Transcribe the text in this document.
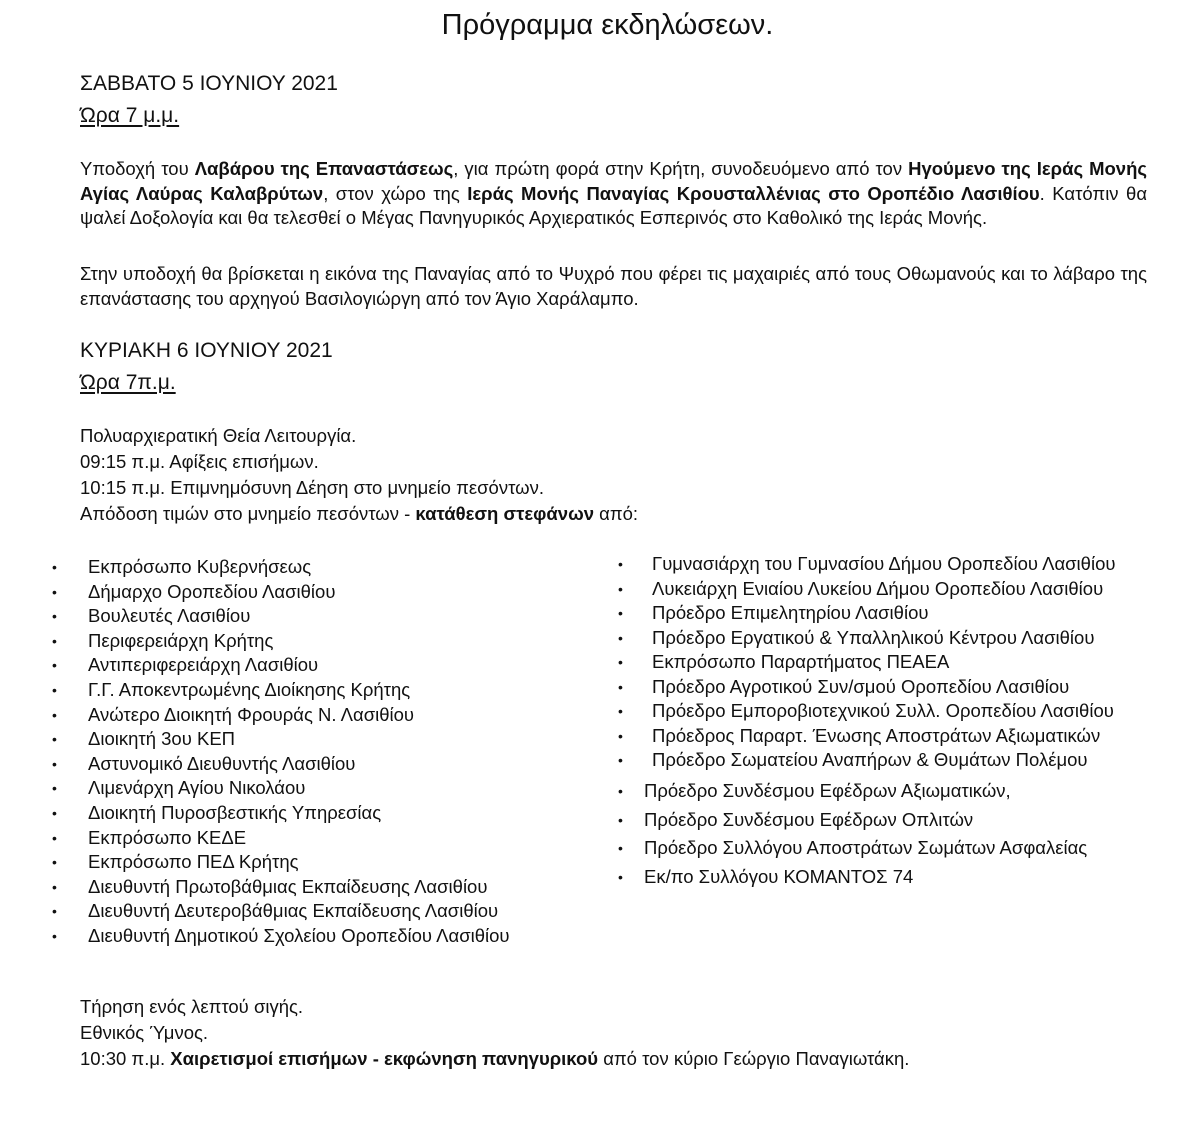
Πρόγραμμα εκδηλώσεων.
ΣΑΒΒΑΤΟ 5 ΙΟΥΝΙΟΥ 2021
Ώρα 7 μ.μ.

Υποδοχή του Λαβάρου της Επαναστάσεως, για πρώτη φορά στην Κρήτη, συνοδευόμενο από τον Ηγούμενο της Ιεράς Μονής Αγίας Λαύρας Καλαβρύτων, στον χώρο της Ιεράς Μονής Παναγίας Κρουσταλλένιας στο Οροπέδιο Λασιθίου. Κατόπιν θα ψαλεί Δοξολογία και θα τελεσθεί ο Μέγας Πανηγυρικός Αρχιερατικός Εσπερινός στο Καθολικό της Ιεράς Μονής.

Στην υποδοχή θα βρίσκεται η εικόνα της Παναγίας από το Ψυχρό που φέρει τις μαχαιριές από τους Οθωμανούς και το λάβαρο της επανάστασης του αρχηγού Βασιλογιώργη από τον Άγιο Χαράλαμπο.

ΚΥΡΙΑΚΗ 6 ΙΟΥΝΙΟΥ 2021
Ώρα 7π.μ.
Πολυαρχιερατική Θεία Λειτουργία.
09:15 π.μ. Αφίξεις επισήμων.
10:15 π.μ. Επιμνημόσυνη Δέηση στο μνημείο πεσόντων.
Απόδοση τιμών στο μνημείο πεσόντων - κατάθεση στεφάνων από:
• Εκπρόσωπο Κυβερνήσεως
• Δήμαρχο Οροπεδίου Λασιθίου
• Βουλευτές Λασιθίου
• Περιφερειάρχη Κρήτης
• Αντιπεριφερειάρχη Λασιθίου
• Γ.Γ. Αποκεντρωμένης Διοίκησης Κρήτης
• Ανώτερο Διοικητή Φρουράς Ν. Λασιθίου
• Διοικητή 3ου ΚΕΠ
• Αστυνομικό Διευθυντής Λασιθίου
• Λιμενάρχη Αγίου Νικολάου
• Διοικητή Πυροσβεστικής Υπηρεσίας
• Εκπρόσωπο ΚΕΔΕ
• Εκπρόσωπο ΠΕΔ Κρήτης
• Διευθυντή Πρωτοβάθμιας Εκπαίδευσης Λασιθίου
• Διευθυντή Δευτεροβάθμιας Εκπαίδευσης Λασιθίου
• Διευθυντή Δημοτικού Σχολείου Οροπεδίου Λασιθίου
• Γυμνασιάρχη του Γυμνασίου Δήμου Οροπεδίου Λασιθίου
• Λυκειάρχη Ενιαίου Λυκείου Δήμου Οροπεδίου Λασιθίου
• Πρόεδρο Επιμελητηρίου Λασιθίου
• Πρόεδρο Εργατικού & Υπαλληλικού Κέντρου Λασιθίου
• Εκπρόσωπο Παραρτήματος ΠΕΑΕΑ
• Πρόεδρο Αγροτικού Συν/σμού Οροπεδίου Λασιθίου
• Πρόεδρο Εμποροβιοτεχνικού Συλλ. Οροπεδίου Λασιθίου
• Πρόεδρος Παραρτ. Ένωσης Αποστράτων Αξιωματικών
• Πρόεδρο Σωματείου Αναπήρων & Θυμάτων Πολέμου
• Πρόεδρο Συνδέσμου Εφέδρων Αξιωματικών,
• Πρόεδρο Συνδέσμου Εφέδρων Οπλιτών
• Πρόεδρο Συλλόγου Αποστράτων Σωμάτων Ασφαλείας
• Εκ/πο Συλλόγου ΚΟΜΑΝΤΟΣ 74
Τήρηση ενός λεπτού σιγής.
Εθνικός Ύμνος.
10:30 π.μ. Χαιρετισμοί επισήμων - εκφώνηση πανηγυρικού από τον κύριο Γεώργιο Παναγιωτάκη.
